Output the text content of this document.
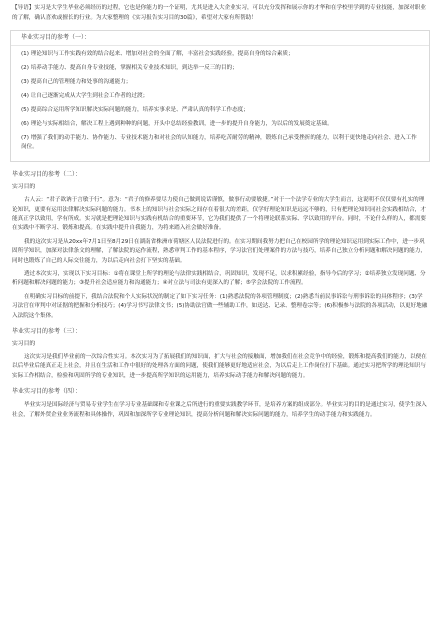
【导语】实习是大学生毕业必须经历的过程，它也是你能力的一个证明，尤其是进入大企业实习，可以充分发挥和展示你的才华和在学校里学到的专业技能，加深对职业的了解，确认喜欢或擅长的行业。为大家整理的《实习报告实习目的30篇》，希望对大家有所帮助！

毕业实习目的参考（一）：

(1) 理论知识与工作实践有效的结合起来、增加对社会的全面了解，丰富社会实践经验，提高自身的综合素质；

(2) 培养动手能力、提高自身专业技能，掌握相关专业技术知识，到达举一反三的目的；

(3) 提高自己的管理能力和处事的沟通能力；

(4) 让自己逐渐完成从大学生到社会工作者的过渡；

(5) 提高综合运用所学知识解决实际问题的能力，培养实事求是、严肃认真的科学工作态度；

(6) 理论与实际相结合，解决工程上遇到种种的问题，开头中总结经验教训，进一步的提升自身能力，为以后的发展奠定基础。

(7) 增强了我们的动手能力、协作能力、专业技术能力和对社会的认知能力，培养吃苦耐劳的精神，锻炼自己承受挫折的能力，以利于更快地走向社会、进入工作岗位。

毕业实习目的参考（二）：
实习目的

古人云：“君子欲讷于言敏于行”。意为：“君子的修养要尽力使自己做到说话谨慎，做事行动要敏捷。”对于一个法学专业的大学生而言，这说明不仅仅要有扎实的理论知识，更要有运用法律解决实际问题的能力。书本上的知识与社会实际之间存在着很大的差距，仅学好理论知识是远远不够的，只有把理论知识同社会实践相结合，才能真正学以致用，学有所成。实习就是把理论知识与实践有机结合的重要环节，它为我们提供了一个将理论联系实际、学以致用的平台。同时，不论什么样的人，都需要在实践中不断学习、锻炼和提高。在实践中提升自我能力，为将来踏入社会做好准备。

我的这次实习是从20xx年7月1日至8月29日在湖南省株洲市荷塘区人民法院进行的。在实习期间我努力把自己在校园所学的理论知识运用到实际工作中，进一步巩固所学知识，加深对法律条文的理解，了解法院的运作流程，熟悉审判工作的基本程序，学习法官们处理案件的方法与技巧，培养自己独立分析问题和解决问题的能力，同时也锻炼了自己的人际交往能力，为以后走向社会打下坚实的基础。

透过本次实习，实现以下实习目标：①将在课堂上所学的理论与法律实践相结合，巩固知识，发现不足，以求积累经验，指导今后的学习；②培养独立发现问题、分析问题和解决问题的能力；③提升社会适应能力和沟通能力；④对立法与司法有更深入的了解；⑤学会法院的工作流程。

在明确实习目标的前提下，我结合法院和个人实际状况的制定了如下实习任务：(1)熟悉法院的各项管理制度；(2)熟悉当前民事诉讼与刑事诉讼的具体程序；(3)学习法官在审判中对证据的把握和分析技巧；(4)学习书写法律文书；(5)协助法官做一些辅助工作，如送达、记录、整理卷宗等；(6)积极参与法院的各项活动，以更好地融入法院这个集体。

毕业实习目的参考（三）：
实习目的

这次实习是我们毕业前的一次综合性实习。本次实习为了拓展我们的知识面，扩大与社会的接触面，增加我们在社会竞争中的经验，锻炼和提高我们的能力，以便在以后毕业后能真正走上社会，并且在生活和工作中很好的处理各方面的问题，使我们能够更好地适应社会，为以后走上工作岗位打下基础。通过实习把所学的理论知识与实际工作相结合，检验和巩固所学的专业知识，进一步提高所学知识的运用能力，培养实际动手能力和解决问题的能力。

毕业实习目的参考（四）：

毕业实习是国际经济与贸易专业学生在学习专业基础课和专业课之后所进行的重要实践教学环节，是培养方案的组成部分。毕业实习的目的是通过实习，使学生深入社会，了解外贸企业业务流程和具体操作，巩固和加深所学专业理论知识，提高分析问题和解决实际问题的能力，培养学生的动手能力和实践能力。
